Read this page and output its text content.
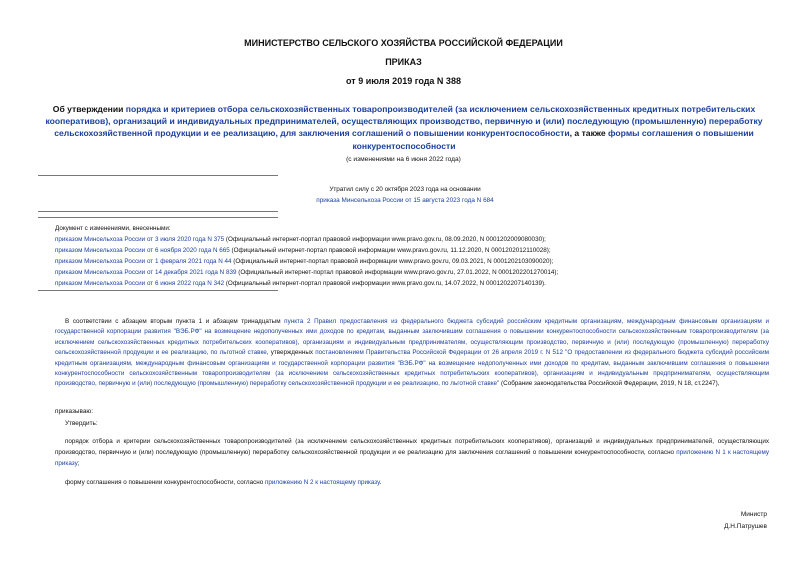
МИНИСТЕРСТВО СЕЛЬСКОГО ХОЗЯЙСТВА РОССИЙСКОЙ ФЕДЕРАЦИИ
ПРИКАЗ
от 9 июля 2019 года N 388
Об утверждении порядка и критериев отбора сельскохозяйственных товаропроизводителей (за исключением сельскохозяйственных кредитных потребительских кооперативов), организаций и индивидуальных предпринимателей, осуществляющих производство, первичную и (или) последующую (промышленную) переработку сельскохозяйственной продукции и ее реализацию, для заключения соглашений о повышении конкурентоспособности, а также формы соглашения о повышении конкурентоспособности
(с изменениями на 6 июня 2022 года)
Утратил силу с 20 октября 2023 года на основании
приказа Минсельхоза России от 15 августа 2023 года N 684
Документ с изменениями, внесенными:
приказом Минсельхоза России от 3 июля 2020 года N 375 (Официальный интернет-портал правовой информации www.pravo.gov.ru, 08.09.2020, N 0001202009080030);
приказом Минсельхоза России от 6 ноября 2020 года N 665 (Официальный интернет-портал правовой информации www.pravo.gov.ru, 11.12.2020, N 0001202012110028);
приказом Минсельхоза России от 1 февраля 2021 года N 44 (Официальный интернет-портал правовой информации www.pravo.gov.ru, 09.03.2021, N 0001202103090020);
приказом Минсельхоза России от 14 декабря 2021 года N 839 (Официальный интернет-портал правовой информации www.pravo.gov.ru, 27.01.2022, N 0001202201270014);
приказом Минсельхоза России от 6 июня 2022 года N 342 (Официальный интернет-портал правовой информации www.pravo.gov.ru, 14.07.2022, N 0001202207140139).
В соответствии с абзацем вторым пункта 1 и абзацем тринадцатым пункта 2 Правил предоставления из федерального бюджета субсидий российским кредитным организациям, международным финансовым организациям и государственной корпорации развития "ВЭБ.РФ" на возмещение недополученных ими доходов по кредитам, выданным заключившим соглашения о повышении конкурентоспособности сельскохозяйственным товаропроизводителям (за исключением сельскохозяйственных кредитных потребительских кооперативов), организациям и индивидуальным предпринимателям, осуществляющим производство, первичную и (или) последующую (промышленную) переработку сельскохозяйственной продукции и ее реализацию, по льготной ставке, утвержденных постановлением Правительства Российской Федерации от 26 апреля 2019 г. N 512 "О предоставлении из федерального бюджета субсидий российским кредитным организациям, международным финансовым организациям и государственной корпорации развития "ВЭБ.РФ" на возмещение недополученных ими доходов по кредитам, выданным заключившим соглашения о повышении конкурентоспособности сельскохозяйственным товаропроизводителям (за исключением сельскохозяйственных кредитных потребительских кооперативов), организациям и индивидуальным предпринимателям, осуществляющим производство, первичную и (или) последующую (промышленную) переработку сельскохозяйственной продукции и ее реализацию, по льготной ставке" (Собрание законодательства Российской Федерации, 2019, N 18, ст.2247),
приказываю:
Утвердить:
порядок отбора и критерии сельскохозяйственных товаропроизводителей (за исключением сельскохозяйственных кредитных потребительских кооперативов), организаций и индивидуальных предпринимателей, осуществляющих производство, первичную и (или) последующую (промышленную) переработку сельскохозяйственной продукции и ее реализацию для заключения соглашений о повышении конкурентоспособности, согласно приложению N 1 к настоящему приказу;
форму соглашения о повышении конкурентоспособности, согласно приложению N 2 к настоящему приказу.
Министр
Д.Н.Патрушев
